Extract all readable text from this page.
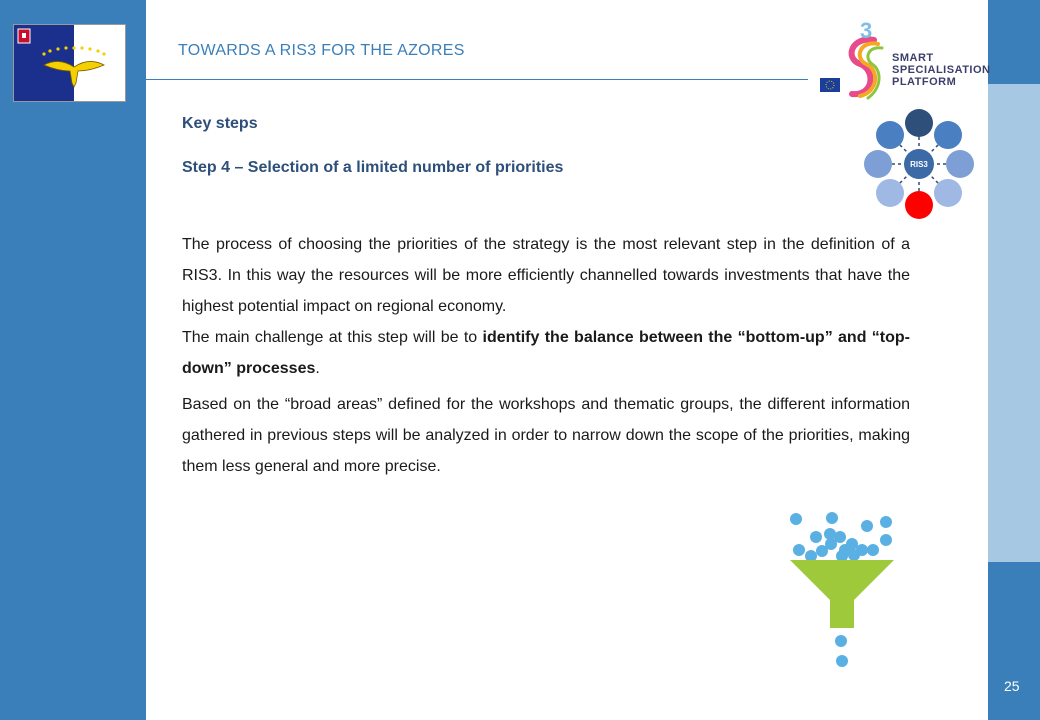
TOWARDS A RIS3 FOR THE AZORES
3
SMART
SPECIALISATION
PLATFORM
RIS3
Key steps
Step 4 – Selection of a limited number of priorities
The process of choosing the priorities of the strategy is the most relevant step in the definition of a RIS3. In this way the resources will be more efficiently channelled towards investments that have the highest potential impact on regional economy.
The main challenge at this step will be to identify the balance between the “bottom-up” and “top-down” processes.
Based on the “broad areas” defined for the workshops and thematic groups, the different information gathered in previous steps will be analyzed in order to narrow down the scope of the priorities, making them less general and more precise.
25
